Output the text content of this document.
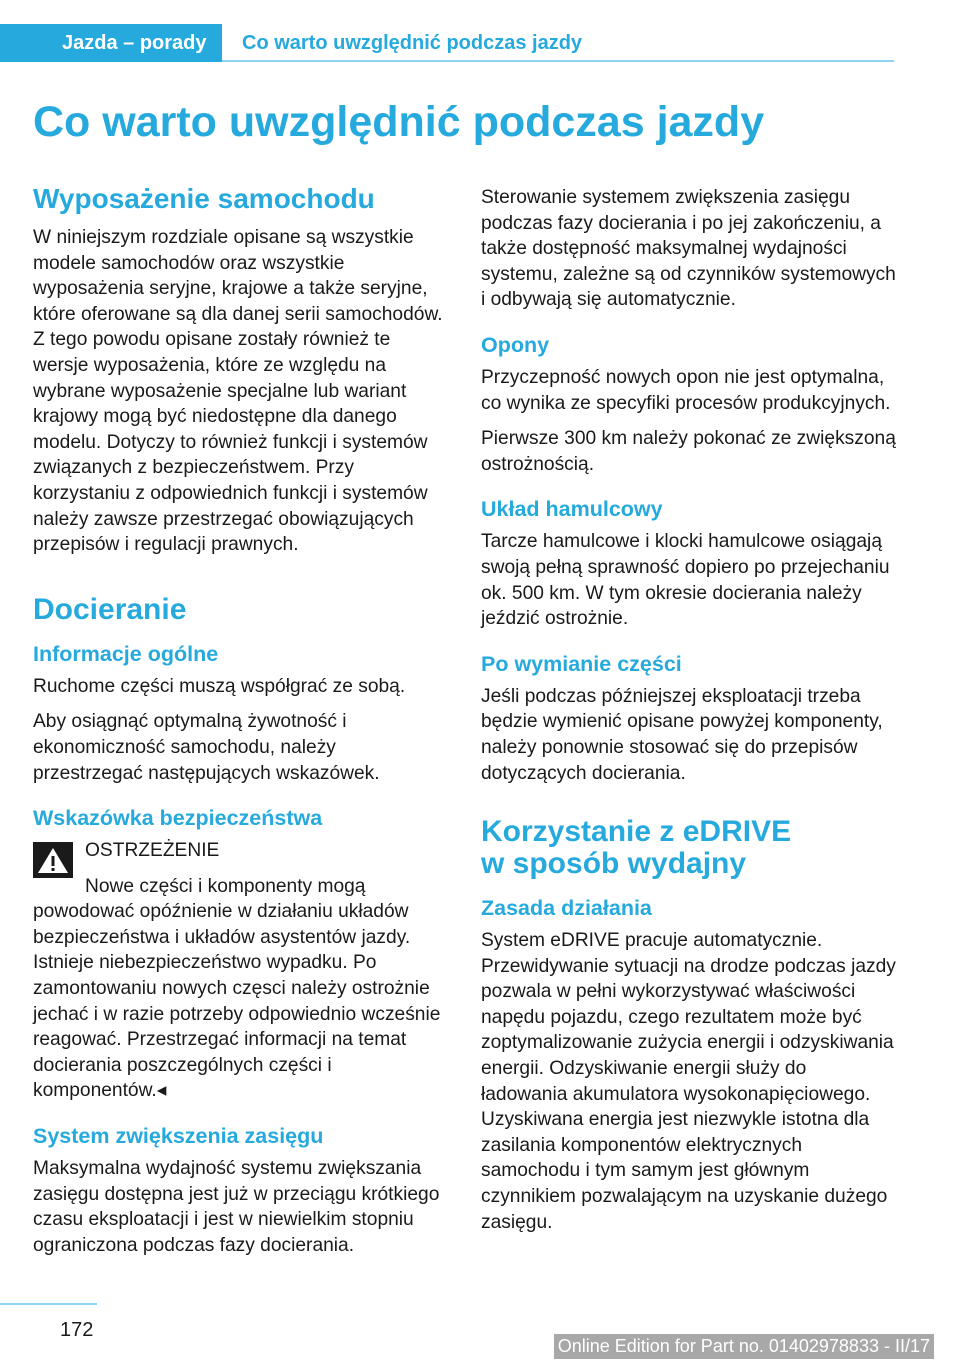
Jazda – porady Co warto uwzględnić podczas jazdy
Co warto uwzględnić podczas jazdy
Wyposażenie samochodu

W niniejszym rozdziale opisane są wszystkie modele samochodów oraz wszystkie wyposażenia seryjne, krajowe a także seryjne, które oferowane są dla danej serii samochodów. Z tego powodu opisane zostały również te wersje wyposażenia, które ze względu na wybrane wyposażenie specjalne lub wariant krajowy mogą być niedostępne dla danego modelu. Dotyczy to również funkcji i systemów związanych z bezpieczeństwem. Przy korzystaniu z odpowiednich funkcji i systemów należy zawsze przestrzegać obowiązujących przepisów i regulacji prawnych.

Docieranie
Informacje ogólne

Ruchome części muszą współgrać ze sobą.

Aby osiągnąć optymalną żywotność i ekonomiczność samochodu, należy przestrzegać następujących wskazówek.

Wskazówka bezpieczeństwa

OSTRZEŻENIE

Nowe części i komponenty mogą powodować opóźnienie w działaniu układów bezpieczeństwa i układów asystentów jazdy. Istnieje niebezpieczeństwo wypadku. Po zamontowaniu nowych częsci należy ostrożnie jechać i w razie potrzeby odpowiednio wcześnie reagować. Przestrzegać informacji na temat docierania poszczególnych części i komponentów.◂

System zwiększenia zasięgu

Maksymalna wydajność systemu zwiększania zasięgu dostępna jest już w przeciągu krótkiego czasu eksploatacji i jest w niewielkim stopniu ograniczona podczas fazy docierania.

Sterowanie systemem zwiększenia zasięgu podczas fazy docierania i po jej zakończeniu, a także dostępność maksymalnej wydajności systemu, zależne są od czynników systemowych i odbywają się automatycznie.

Opony

Przyczepność nowych opon nie jest optymalna, co wynika ze specyfiki procesów produkcyjnych.

Pierwsze 300 km należy pokonać ze zwiększoną ostrożnością.

Układ hamulcowy

Tarcze hamulcowe i klocki hamulcowe osiągają swoją pełną sprawność dopiero po przejechaniu ok. 500 km. W tym okresie docierania należy jeździć ostrożnie.

Po wymianie części

Jeśli podczas późniejszej eksploatacji trzeba będzie wymienić opisane powyżej komponenty, należy ponownie stosować się do przepisów dotyczących docierania.

Korzystanie z eDRIVE
w sposób wydajny
Zasada działania

System eDRIVE pracuje automatycznie. Przewidywanie sytuacji na drodze podczas jazdy pozwala w pełni wykorzystywać właściwości napędu pojazdu, czego rezultatem może być zoptymalizowanie zużycia energii i odzyskiwania energii. Odzyskiwanie energii służy do ładowania akumulatora wysokonapięciowego. Uzyskiwana energia jest niezwykle istotna dla zasilania komponentów elektrycznych samochodu i tym samym jest głównym czynnikiem pozwalającym na uzyskanie dużego zasięgu.

172
Online Edition for Part no. 01402978833 - II/17
